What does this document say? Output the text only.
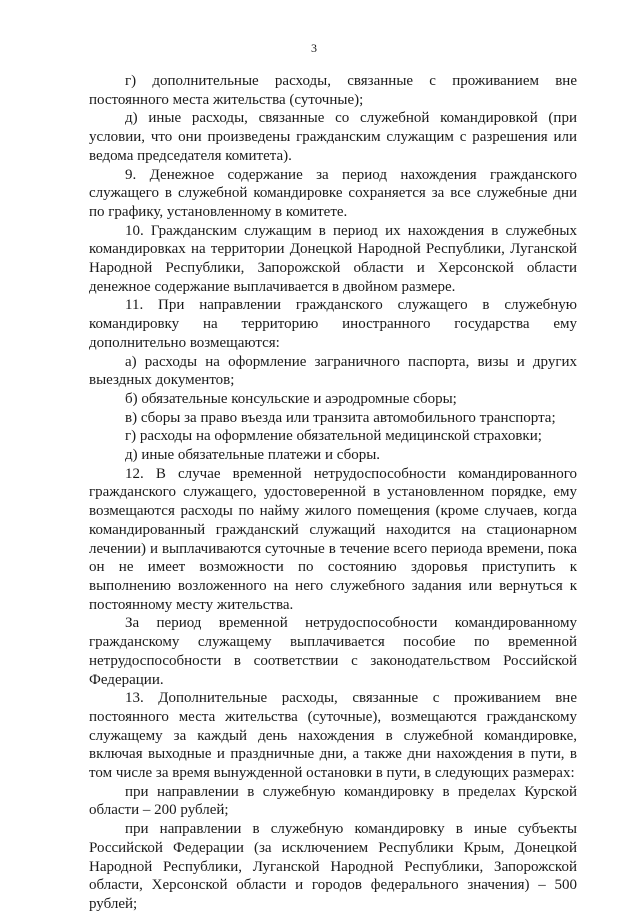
3

г) дополнительные расходы, связанные с проживанием вне постоянного места жительства (суточные);

д) иные расходы, связанные со служебной командировкой (при условии, что они произведены гражданским служащим с разрешения или ведома председателя комитета).

9. Денежное содержание за период нахождения гражданского служащего в служебной командировке сохраняется за все служебные дни по графику, установленному в комитете.

10. Гражданским служащим в период их нахождения в служебных командировках на территории Донецкой Народной Республики, Луганской Народной Республики, Запорожской области и Херсонской области денежное содержание выплачивается в двойном размере.

11. При направлении гражданского служащего в служебную командировку на территорию иностранного государства ему дополнительно возмещаются:

а) расходы на оформление заграничного паспорта, визы и других выездных документов;

б) обязательные консульские и аэродромные сборы;

в) сборы за право въезда или транзита автомобильного транспорта;

г) расходы на оформление обязательной медицинской страховки;

д) иные обязательные платежи и сборы.

12. В случае временной нетрудоспособности командированного гражданского служащего, удостоверенной в установленном порядке, ему возмещаются расходы по найму жилого помещения (кроме случаев, когда командированный гражданский служащий находится на стационарном лечении) и выплачиваются суточные в течение всего периода времени, пока он не имеет возможности по состоянию здоровья приступить к выполнению возложенного на него служебного задания или вернуться к постоянному месту жительства.

За период временной нетрудоспособности командированному гражданскому служащему выплачивается пособие по временной нетрудоспособности в соответствии с законодательством Российской Федерации.

13. Дополнительные расходы, связанные с проживанием вне постоянного места жительства (суточные), возмещаются гражданскому служащему за каждый день нахождения в служебной командировке, включая выходные и праздничные дни, а также дни нахождения в пути, в том числе за время вынужденной остановки в пути, в следующих размерах:

при направлении в служебную командировку в пределах Курской области – 200 рублей;

при направлении в служебную командировку в иные субъекты Российской Федерации (за исключением Республики Крым, Донецкой Народной Республики, Луганской Народной Республики, Запорожской области, Херсонской области и городов федерального значения) – 500 рублей;
